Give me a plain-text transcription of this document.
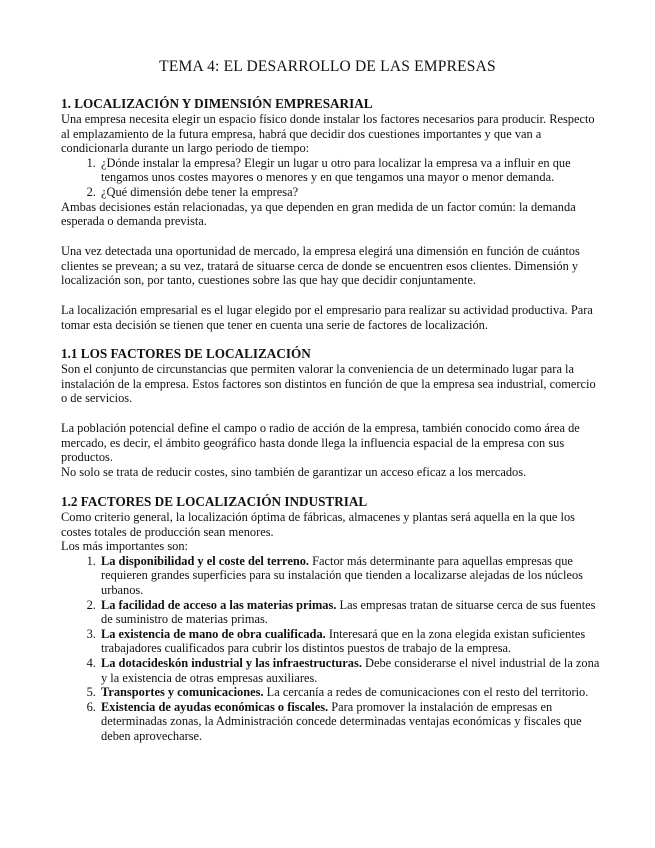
TEMA 4: EL DESARROLLO DE LAS EMPRESAS
1. LOCALIZACIÓN Y DIMENSIÓN EMPRESARIAL

Una empresa necesita elegir un espacio físico donde instalar los factores necesarios para producir. Respecto al emplazamiento de la futura empresa, habrá que decidir dos cuestiones importantes y que van a condicionarla durante un largo periodo de tiempo:

1. ¿Dónde instalar la empresa? Elegir un lugar u otro para localizar la empresa va a influir en que tengamos unos costes mayores o menores y en que tengamos una mayor o menor demanda.
2. ¿Qué dimensión debe tener la empresa?

Ambas decisiones están relacionadas, ya que dependen en gran medida de un factor común: la demanda esperada o demanda prevista.

Una vez detectada una oportunidad de mercado, la empresa elegirá una dimensión en función de cuántos clientes se prevean; a su vez, tratará de situarse cerca de donde se encuentren esos clientes. Dimensión y localización son, por tanto, cuestiones sobre las que hay que decidir conjuntamente.

La localización empresarial es el lugar elegido por el empresario para realizar su actividad productiva. Para tomar esta decisión se tienen que tener en cuenta una serie de factores de localización.

1.1 LOS FACTORES DE LOCALIZACIÓN

Son el conjunto de circunstancias que permiten valorar la conveniencia de un determinado lugar para la instalación de la empresa. Estos factores son distintos en función de que la empresa sea industrial, comercio o de servicios.

La población potencial define el campo o radio de acción de la empresa, también conocido como área de mercado, es decir, el ámbito geográfico hasta donde llega la influencia espacial de la empresa con sus productos.

No solo se trata de reducir costes, sino también de garantizar un acceso eficaz a los mercados.

1.2 FACTORES DE LOCALIZACIÓN INDUSTRIAL

Como criterio general, la localización óptima de fábricas, almacenes y plantas será aquella en la que los costes totales de producción sean menores.

Los más importantes son:

1. La disponibilidad y el coste del terreno. Factor más determinante para aquellas empresas que requieren grandes superficies para su instalación que tienden a localizarse alejadas de los núcleos urbanos.
2. La facilidad de acceso a las materias primas. Las empresas tratan de situarse cerca de sus fuentes de suministro de materias primas.
3. La existencia de mano de obra cualificada. Interesará que en la zona elegida existan suficientes trabajadores cualificados para cubrir los distintos puestos de trabajo de la empresa.
4. La dotacideskón industrial y las infraestructuras. Debe considerarse el nivel industrial de la zona y la existencia de otras empresas auxiliares.
5. Transportes y comunicaciones. La cercanía a redes de comunicaciones con el resto del territorio.
6. Existencia de ayudas económicas o fiscales. Para promover la instalación de empresas en determinadas zonas, la Administración concede determinadas ventajas económicas y fiscales que deben aprovecharse.
